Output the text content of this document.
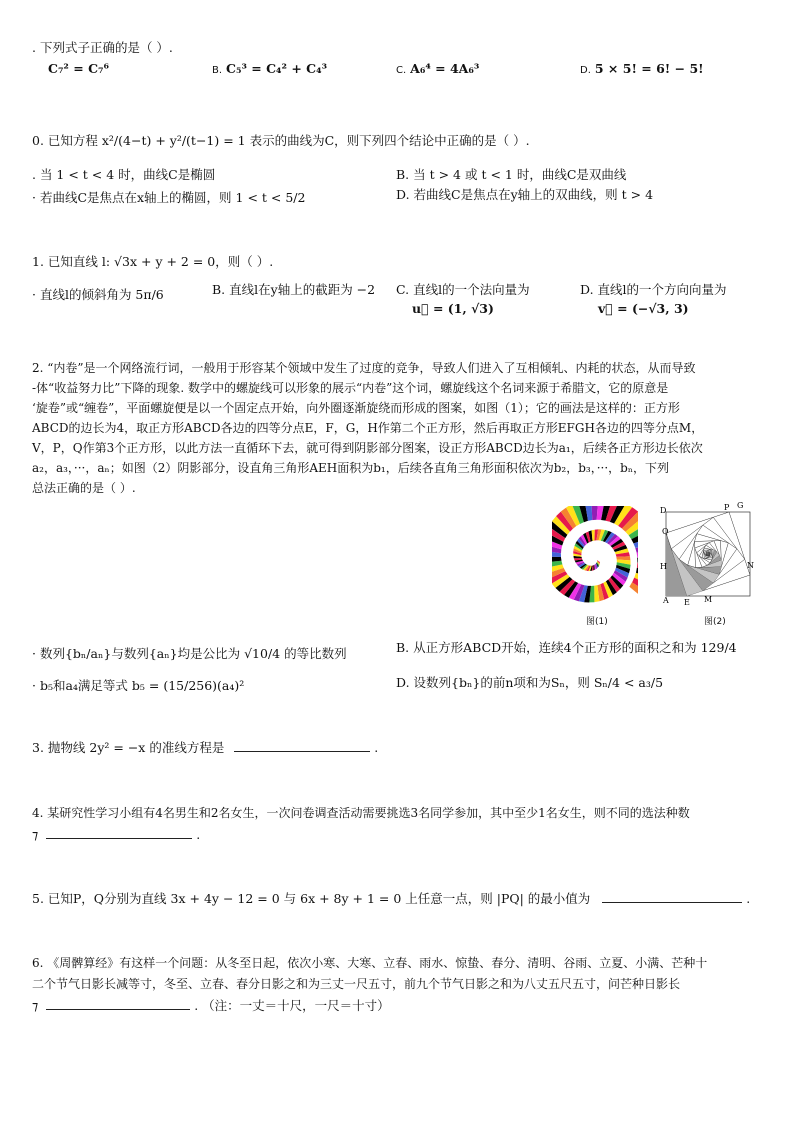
. 下列式子正确的是（ ）.
C₇² = C₇⁶	B. C₅³ = C₄² + C₄³	C. A₆⁴ = 4A₆³	D. 5 × 5! = 6! − 5!
0. 已知方程 x²/(4−t) + y²/(t−1) = 1 表示的曲线为C，则下列四个结论中正确的是（ ）.
. 当 1 < t < 4 时，曲线C是椭圆	B. 当 t > 4 或 t < 1 时，曲线C是双曲线
· 若曲线C是焦点在x轴上的椭圆，则 1 < t < 5/2	D. 若曲线C是焦点在y轴上的双曲线，则 t > 4
1. 已知直线 l: √3x + y + 2 = 0，则（ ）.
· 直线l的倾斜角为 5π/6	B. 直线l在y轴上的截距为 −2 C. 直线l的一个法向量为
u⃗ = (1, √3)
D. 直线l的一个方向向量为
v⃗ = (−√3, 3)
2. “内卷”是一个网络流行词，一般用于形容某个领域中发生了过度的竞争，导致人们进入了互相倾轧、内耗的状态，从而导致
-体“收益努力比”下降的现象. 数学中的螺旋线可以形象的展示“内卷”这个词，螺旋线这个名词来源于希腊文，它的原意是
‘旋卷”或“缠卷”，平面螺旋便是以一个固定点开始，向外圈逐渐旋绕而形成的图案，如图（1）；它的画法是这样的：正方形
ABCD的边长为4，取正方形ABCD各边的四等分点E，F，G，H作第二个正方形，然后再取正方形EFGH各边的四等分点M，
V，P，Q作第3个正方形，以此方法一直循环下去，就可得到阴影部分图案，设正方形ABCD边长为a₁，后续各正方形边长依次
a₂，a₃，···，aₙ；如图（2）阴影部分，设直角三角形AEH面积为b₁，后续各直角三角形面积依次为b₂，b₃，···，bₙ，下列
总法正确的是（ ）.
图(1)
D	P G
Q
H	N
A E M
图(2)
· 数列{bₙ/aₙ}与数列{aₙ}均是公比为 √10/4 的等比数列	B. 从正方形ABCD开始，连续4个正方形的面积之和为 129/4
· b₅和a₄满足等式 b₅ = (15/256)(a₄)²	D. 设数列{bₙ}的前n项和为Sₙ，则 Sₙ/4 < a₃/5
3. 抛物线 2y² = −x 的准线方程是	.
4. 某研究性学习小组有4名男生和2名女生，一次问卷调查活动需要挑选3名同学参加，其中至少1名女生，则不同的选法种数
⁊	.
5. 已知P，Q分别为直线 3x + 4y − 12 = 0 与 6x + 8y + 1 = 0 上任意一点，则 |PQ| 的最小值为	.
6. 《周髀算经》有这样一个问题：从冬至日起，依次小寒、大寒、立春、雨水、惊蛰、春分、清明、谷雨、立夏、小满、芒种十
二个节气日影长减等寸，冬至、立春、春分日影之和为三丈一尺五寸，前九个节气日影之和为八丈五尺五寸，问芒种日影长
⁊	. （注：一丈＝十尺，一尺＝十寸）
